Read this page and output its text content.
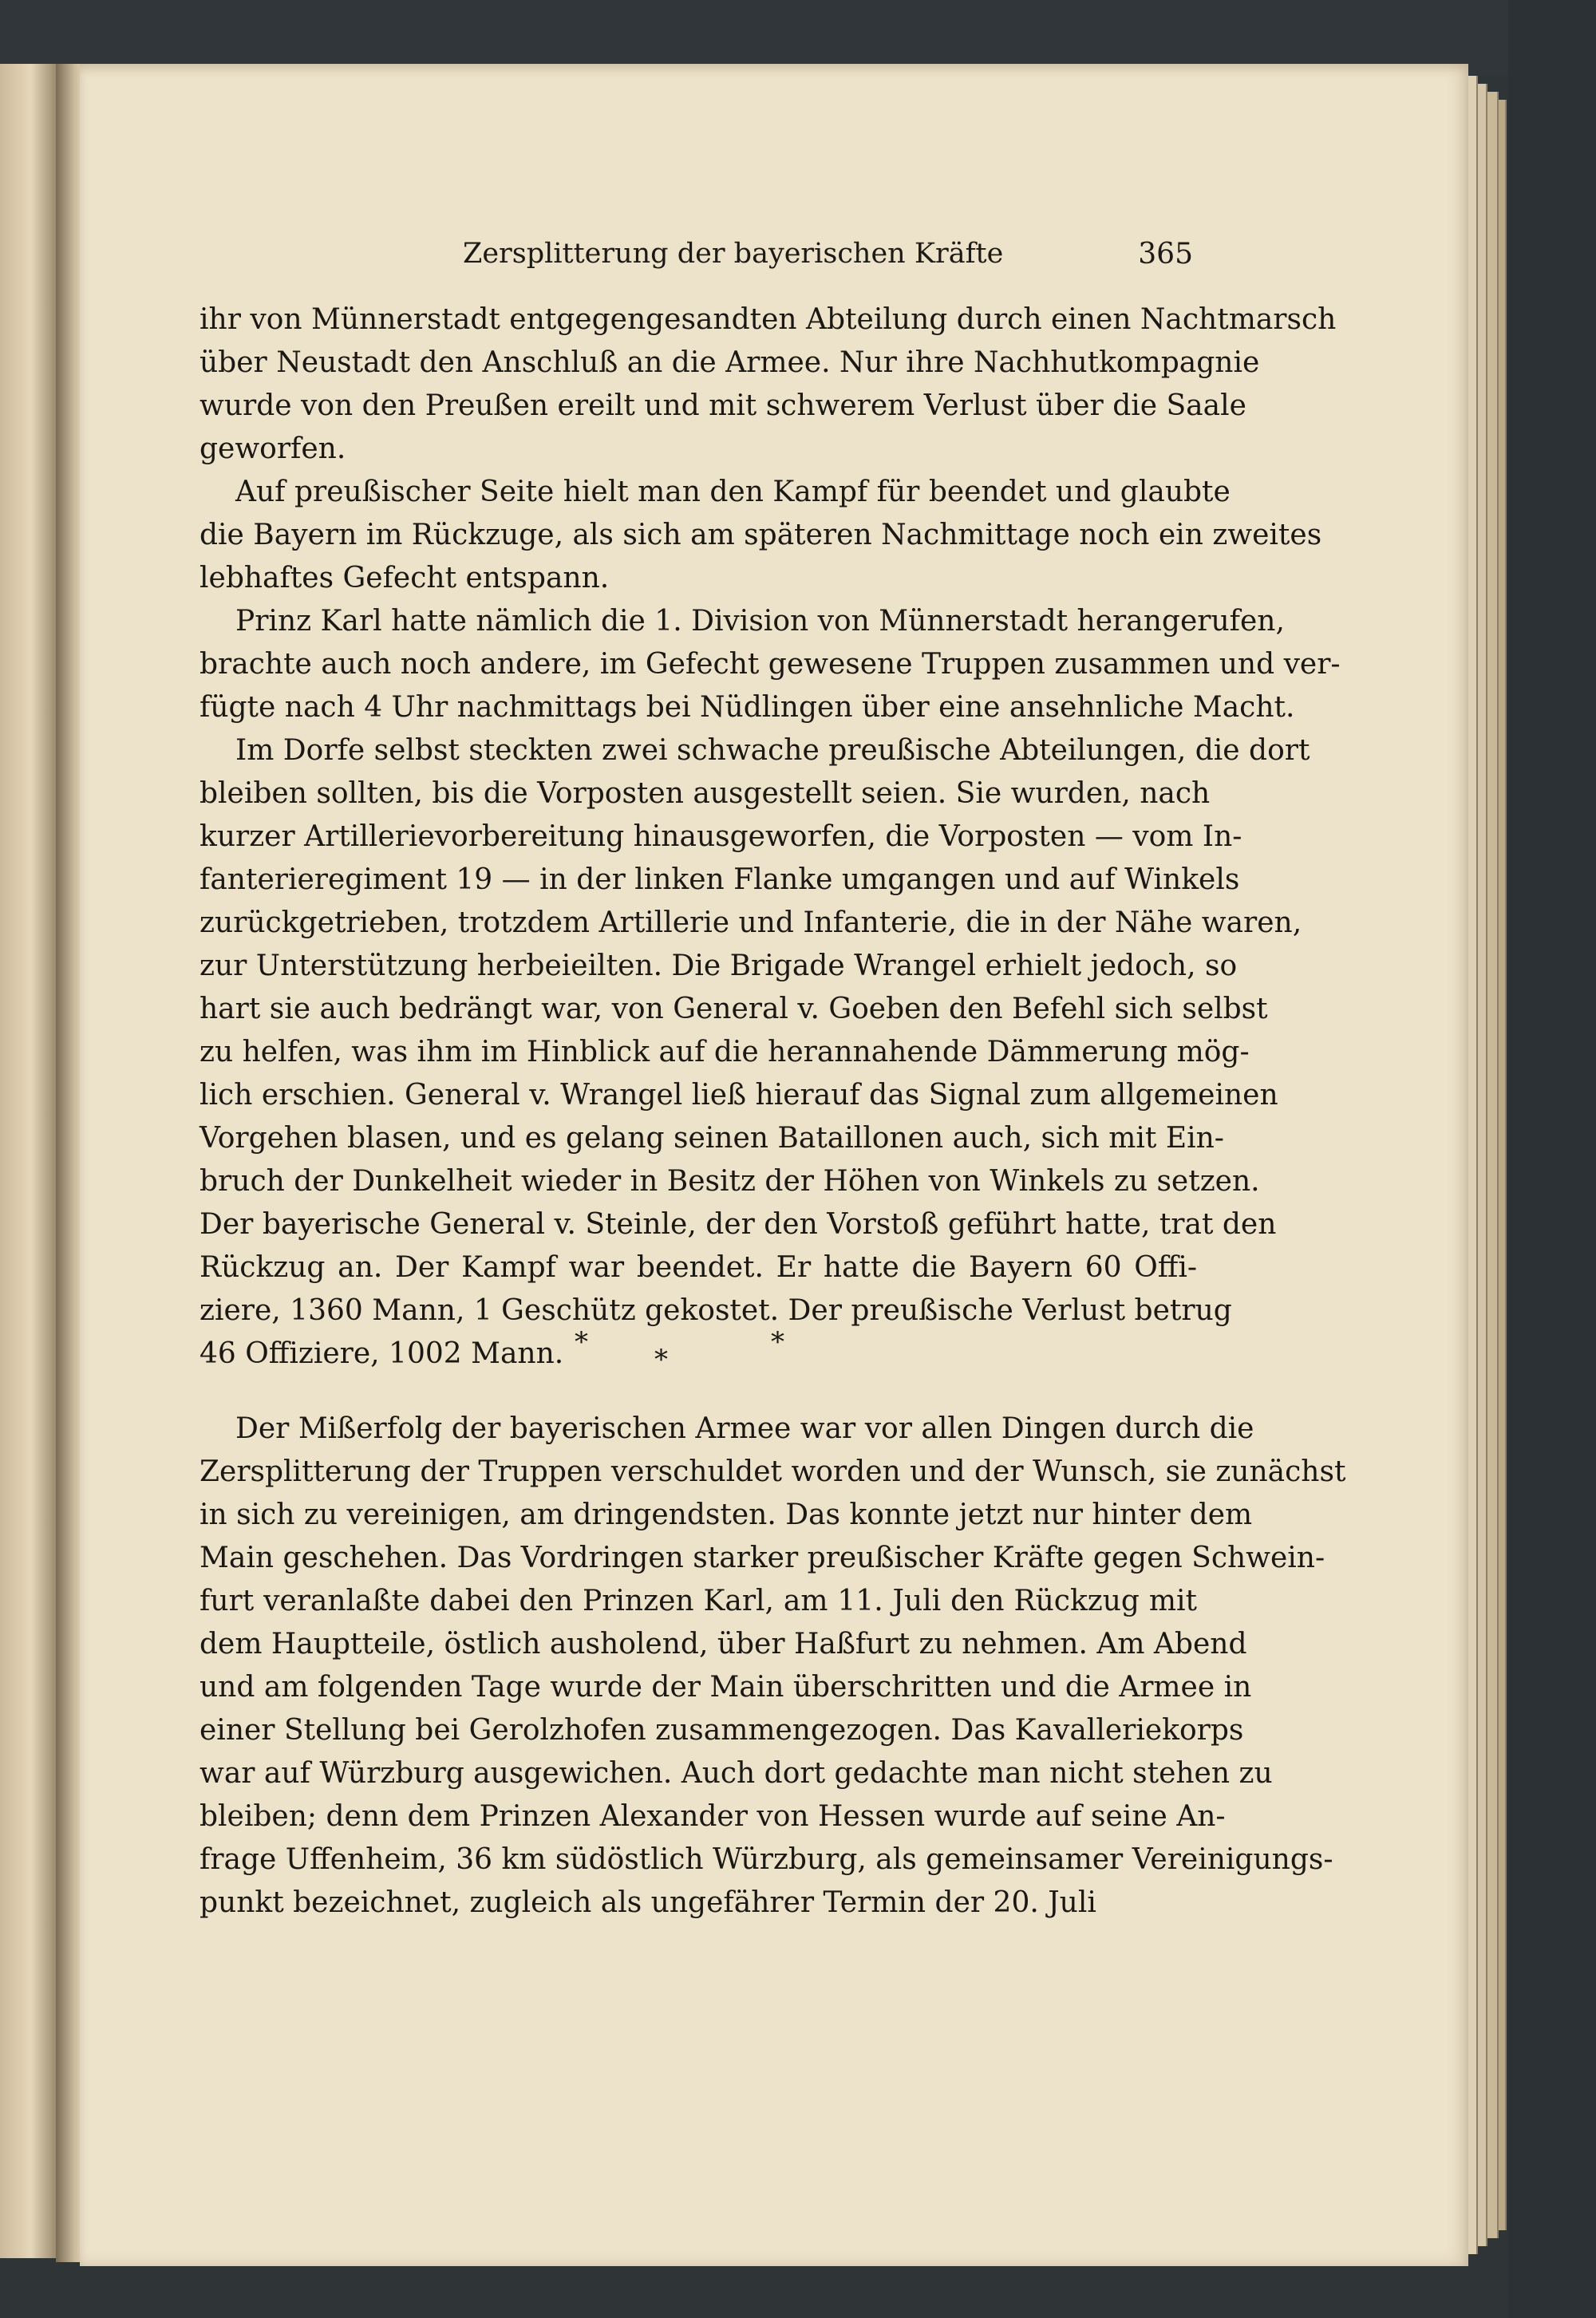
Zersplitterung der bayerischen Kräfte	365
ihr von Münnerstadt entgegengesandten Abteilung durch einen Nachtmarsch
über Neustadt den Anschluß an die Armee. Nur ihre Nachhutkompagnie
wurde von den Preußen ereilt und mit schwerem Verlust über die Saale
geworfen.
Auf preußischer Seite hielt man den Kampf für beendet und glaubte
die Bayern im Rückzuge, als sich am späteren Nachmittage noch ein zweites
lebhaftes Gefecht entspann.
Prinz Karl hatte nämlich die 1. Division von Münnerstadt herangerufen,
brachte auch noch andere, im Gefecht gewesene Truppen zusammen und ver-
fügte nach 4 Uhr nachmittags bei Nüdlingen über eine ansehnliche Macht.
Im Dorfe selbst steckten zwei schwache preußische Abteilungen, die dort
bleiben sollten, bis die Vorposten ausgestellt seien. Sie wurden, nach
kurzer Artillerievorbereitung hinausgeworfen, die Vorposten — vom In-
fanterieregiment 19 — in der linken Flanke umgangen und auf Winkels
zurückgetrieben, trotzdem Artillerie und Infanterie, die in der Nähe waren,
zur Unterstützung herbeieilten. Die Brigade Wrangel erhielt jedoch, so
hart sie auch bedrängt war, von General v. Goeben den Befehl sich selbst
zu helfen, was ihm im Hinblick auf die herannahende Dämmerung mög-
lich erschien. General v. Wrangel ließ hierauf das Signal zum allgemeinen
Vorgehen blasen, und es gelang seinen Bataillonen auch, sich mit Ein-
bruch der Dunkelheit wieder in Besitz der Höhen von Winkels zu setzen.
Der bayerische General v. Steinle, der den Vorstoß geführt hatte, trat den
Rückzug an. Der Kampf war beendet. Er hatte die Bayern 60 Offi-
ziere, 1360 Mann, 1 Geschütz gekostet. Der preußische Verlust betrug
46 Offiziere, 1002 Mann. *
*
*
Der Mißerfolg der bayerischen Armee war vor allen Dingen durch die
Zersplitterung der Truppen verschuldet worden und der Wunsch, sie zunächst
in sich zu vereinigen, am dringendsten. Das konnte jetzt nur hinter dem
Main geschehen. Das Vordringen starker preußischer Kräfte gegen Schwein-
furt veranlaßte dabei den Prinzen Karl, am 11. Juli den Rückzug mit
dem Hauptteile, östlich ausholend, über Haßfurt zu nehmen. Am Abend
und am folgenden Tage wurde der Main überschritten und die Armee in
einer Stellung bei Gerolzhofen zusammengezogen. Das Kavalleriekorps
war auf Würzburg ausgewichen. Auch dort gedachte man nicht stehen zu
bleiben; denn dem Prinzen Alexander von Hessen wurde auf seine An-
frage Uffenheim, 36 km südöstlich Würzburg, als gemeinsamer Vereinigungs-
punkt bezeichnet, zugleich als ungefährer Termin der 20. Juli
